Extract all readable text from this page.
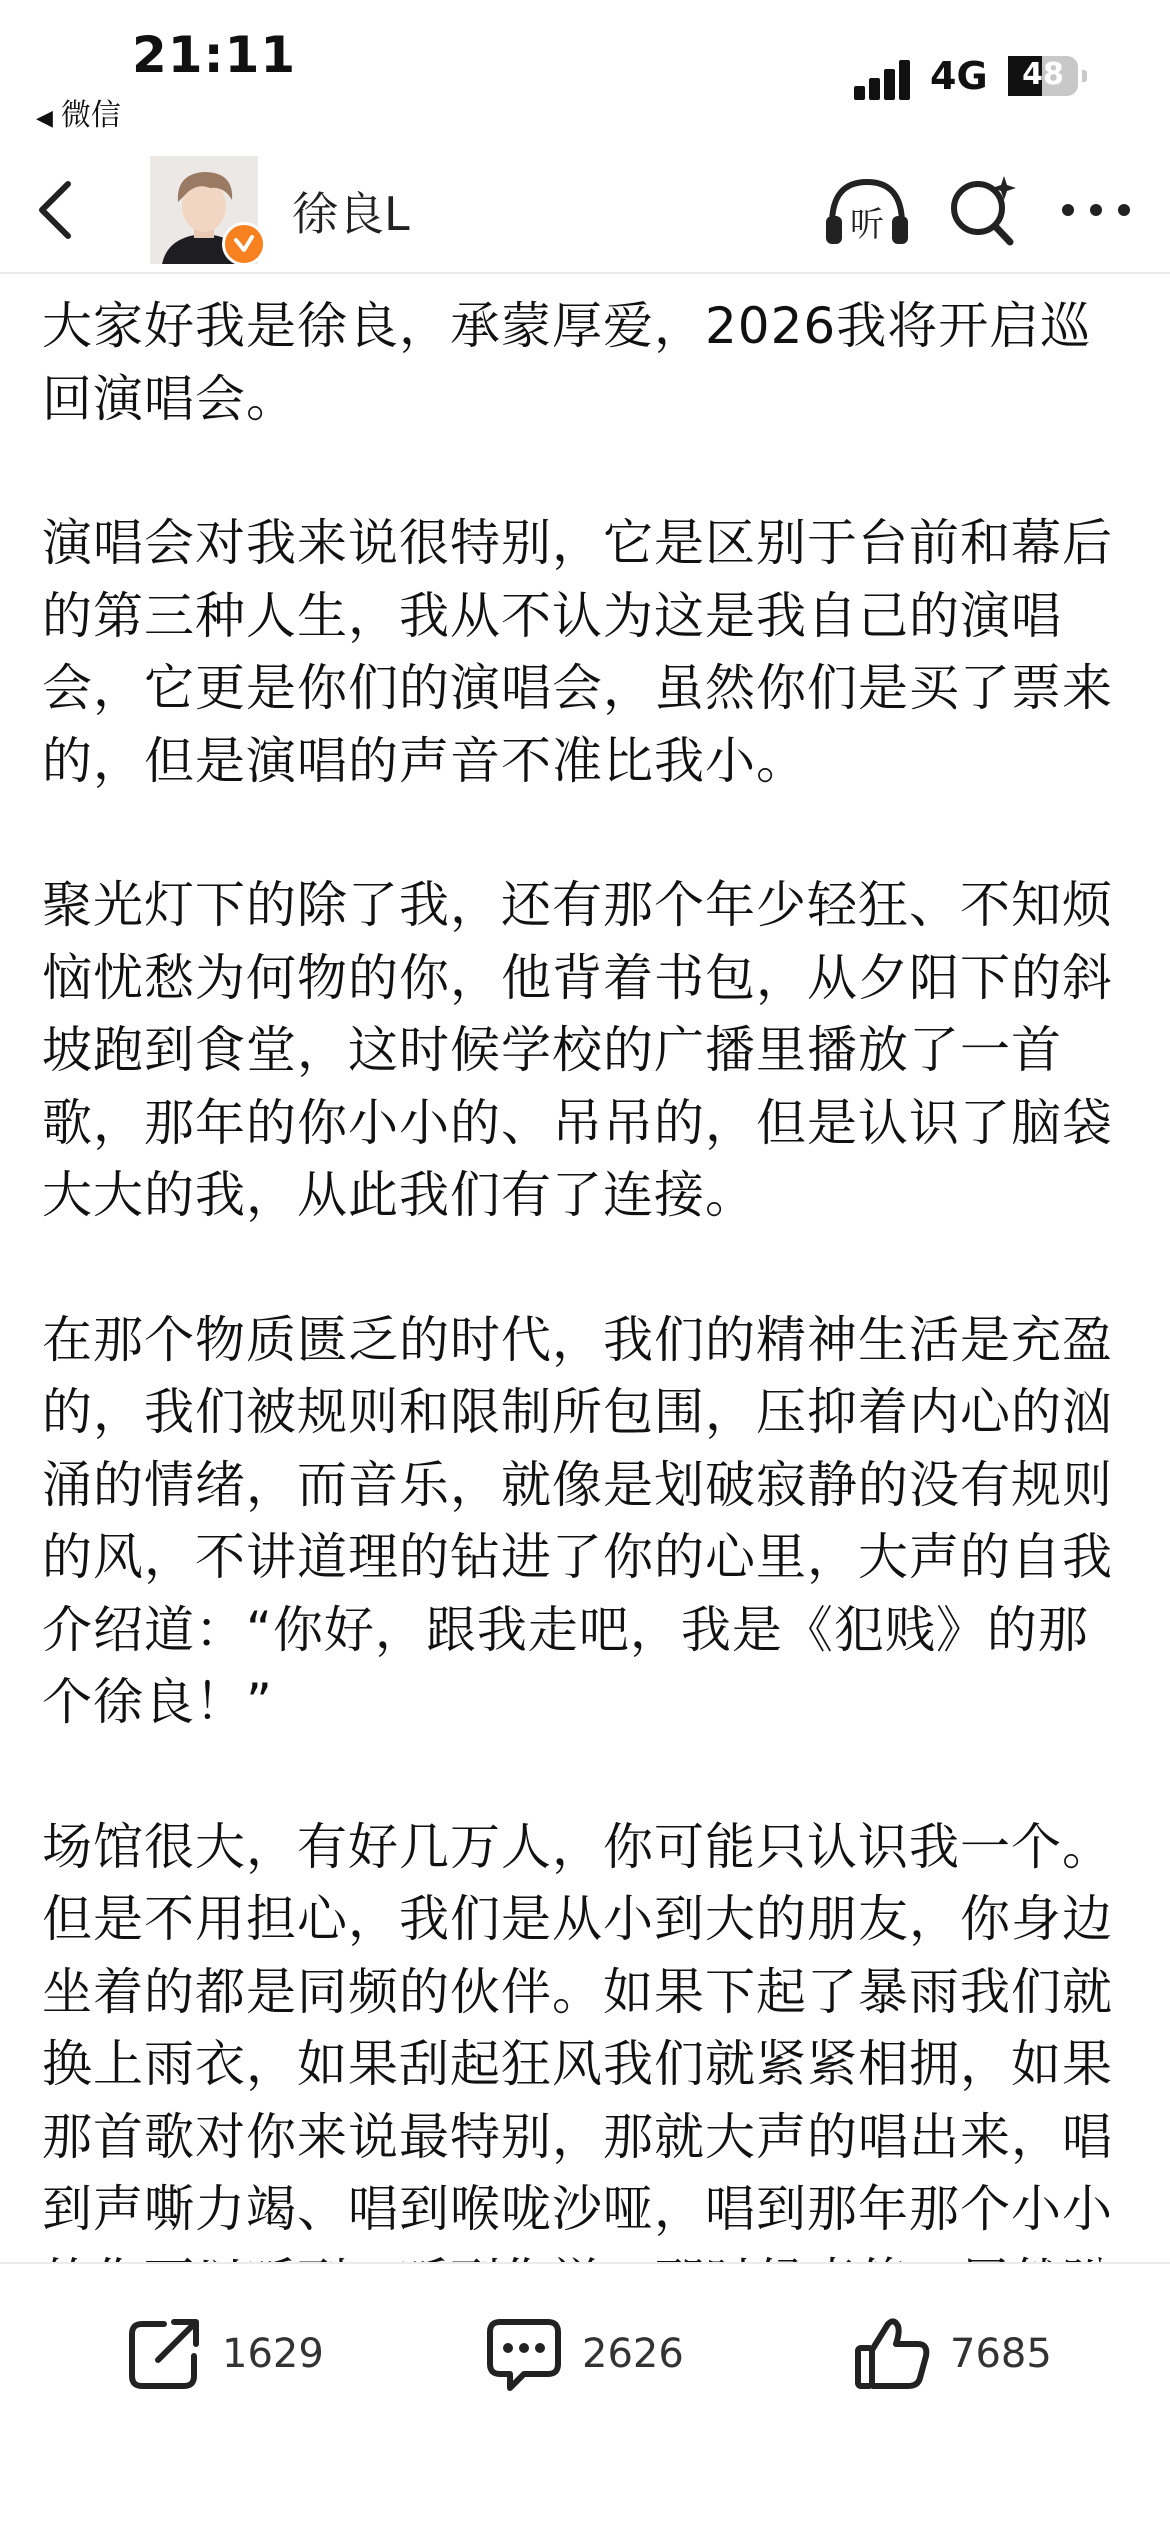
21:11
◀ 微信
4G	48
徐良L	听

大家好我是徐良，承蒙厚爱，2026我将开启巡回演唱会。

演唱会对我来说很特别，它是区别于台前和幕后的第三种人生，我从不认为这是我自己的演唱会，它更是你们的演唱会，虽然你们是买了票来的，但是演唱的声音不准比我小。

聚光灯下的除了我，还有那个年少轻狂、不知烦恼忧愁为何物的你，他背着书包，从夕阳下的斜坡跑到食堂，这时候学校的广播里播放了一首歌，那年的你小小的、吊吊的，但是认识了脑袋大大的我，从此我们有了连接。

在那个物质匮乏的时代，我们的精神生活是充盈的，我们被规则和限制所包围，压抑着内心的汹涌的情绪，而音乐，就像是划破寂静的没有规则的风，不讲道理的钻进了你的心里，大声的自我介绍道：“你好，跟我走吧，我是《犯贱》的那个徐良！”

场馆很大，有好几万人，你可能只认识我一个。但是不用担心，我们是从小到大的朋友，你身边坐着的都是同频的伙伴。如果下起了暴雨我们就换上雨衣，如果刮起狂风我们就紧紧相拥，如果那首歌对你来说最特别，那就大声的唱出来，唱到声嘶力竭、唱到喉咙沙哑，唱到那年那个小小

1629	2626	7685
